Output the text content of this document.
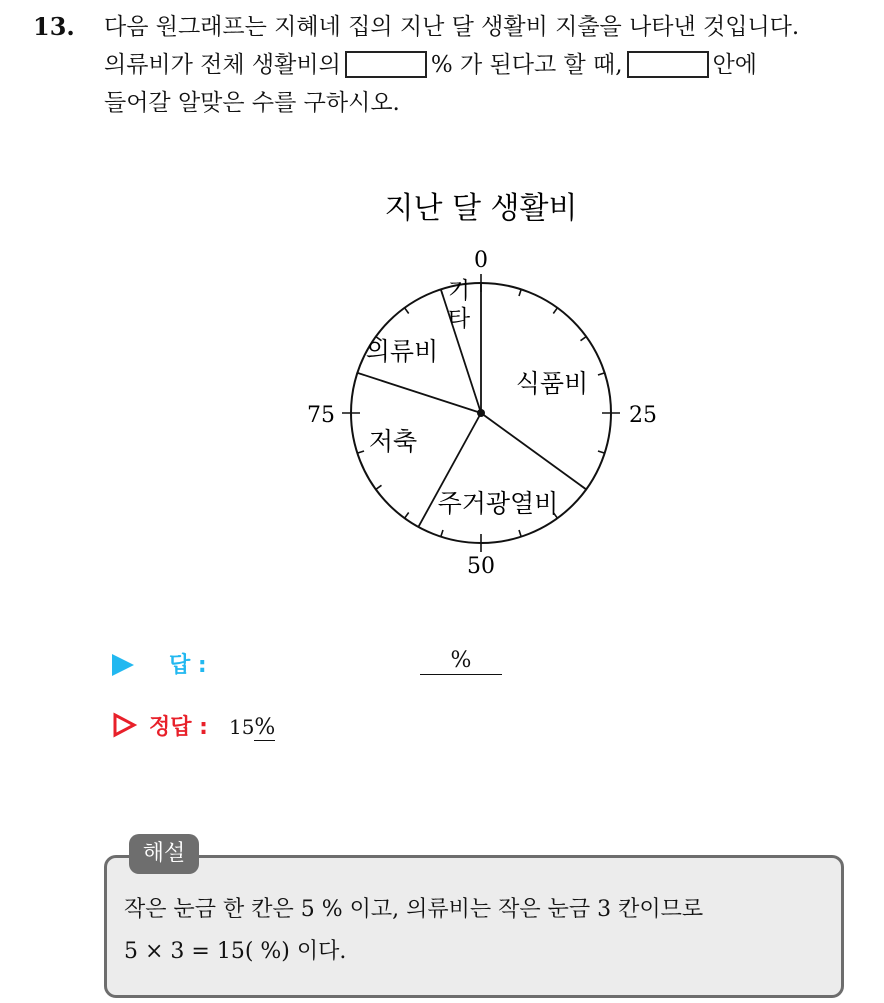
13. 다음 원그래프는 지혜네 집의 지난 달 생활비 지출을 나타낸 것입니다.
의류비가 전체 생활비의	% 가 된다고 할 때,	안에
들어갈 알맞은 수를 구하시오.
지난 달 생활비
0
25
50
75
식품비
주거광열비
저축
의류비
기 타
답 :	%
정답 : 15%
해설
작은 눈금 한 칸은 5 % 이고, 의류비는 작은 눈금 3 칸이므로
5 × 3 = 15( %) 이다.
